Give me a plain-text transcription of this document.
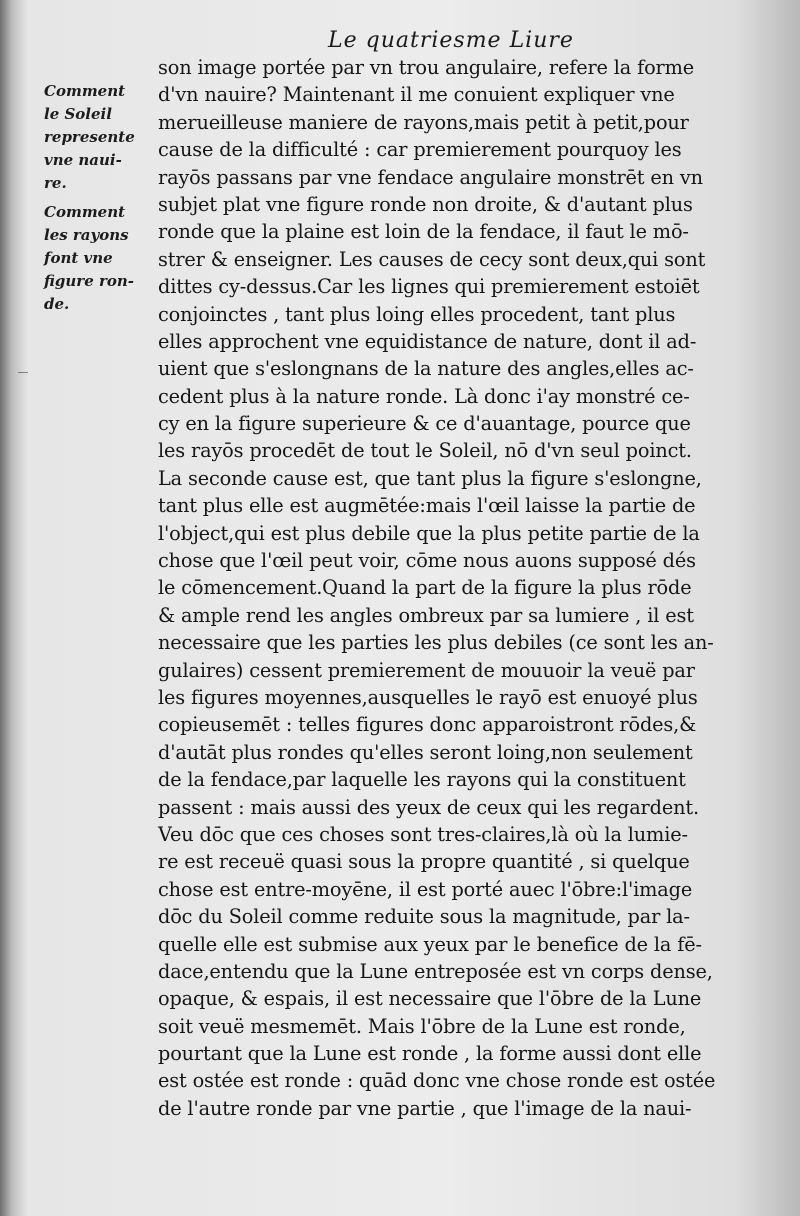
Le quatriesme Liure
Comment
le Soleil
represente
vne naui-
re.
Comment
les rayons
font vne
figure ron-
de.
son image portée par vn trou angulaire, refere la forme
d'vn nauire? Maintenant il me conuient expliquer vne
merueilleuse maniere de rayons,mais petit à petit,pour
cause de la difficulté : car premierement pourquoy les
rayōs passans par vne fendace angulaire monstrēt en vn
subjet plat vne figure ronde non droite, & d'autant plus
ronde que la plaine est loin de la fendace, il faut le mō-
strer & enseigner. Les causes de cecy sont deux,qui sont
dittes cy-dessus.Car les lignes qui premierement estoiēt
conjoinctes , tant plus loing elles procedent, tant plus
elles approchent vne equidistance de nature, dont il ad-
uient que s'eslongnans de la nature des angles,elles ac-
cedent plus à la nature ronde. Là donc i'ay monstré ce-
cy en la figure superieure & ce d'auantage, pource que
les rayōs procedēt de tout le Soleil, nō d'vn seul poinct.
La seconde cause est, que tant plus la figure s'eslongne,
tant plus elle est augmētée:mais l'œil laisse la partie de
l'object,qui est plus debile que la plus petite partie de la
chose que l'œil peut voir, cōme nous auons supposé dés
le cōmencement.Quand la part de la figure la plus rōde
& ample rend les angles ombreux par sa lumiere , il est
necessaire que les parties les plus debiles (ce sont les an-
gulaires) cessent premierement de mouuoir la veuë par
les figures moyennes,ausquelles le rayō est enuoyé plus
copieusemēt : telles figures donc apparoistront rōdes,&
d'autāt plus rondes qu'elles seront loing,non seulement
de la fendace,par laquelle les rayons qui la constituent
passent : mais aussi des yeux de ceux qui les regardent.
Veu dōc que ces choses sont tres-claires,là où la lumie-
re est receuë quasi sous la propre quantité , si quelque
chose est entre-moyēne, il est porté auec l'ōbre:l'image
dōc du Soleil comme reduite sous la magnitude, par la-
quelle elle est submise aux yeux par le benefice de la fē-
dace,entendu que la Lune entreposée est vn corps dense,
opaque, & espais, il est necessaire que l'ōbre de la Lune
soit veuë mesmemēt. Mais l'ōbre de la Lune est ronde,
pourtant que la Lune est ronde , la forme aussi dont elle
est ostée est ronde : quād donc vne chose ronde est ostée
de l'autre ronde par vne partie , que l'image de la naui-
